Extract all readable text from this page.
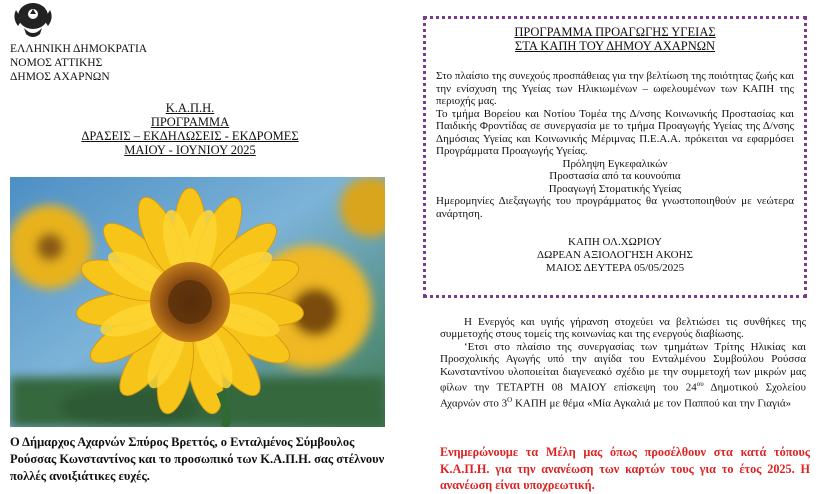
ΕΛΛΗΝΙΚΗ ΔΗΜΟΚΡΑΤΙΑ
ΝΟΜΟΣ ΑΤΤΙΚΗΣ
ΔΗΜΟΣ ΑΧΑΡΝΩΝ
Κ.Α.Π.Η.
ΠΡΟΓΡΑΜΜΑ
ΔΡΑΣΕΙΣ – ΕΚΔΗΛΩΣΕΙΣ - ΕΚΔΡΟΜΕΣ
ΜΑΙΟΥ - ΙΟΥΝΙΟΥ 2025
Ο Δήμαρχος Αχαρνών Σπύρος Βρεττός, ο Ενταλμένος Σύμβουλος Ρούσσας Κωνσταντίνος και το προσωπικό των Κ.Α.Π.Η. σας στέλνουν πολλές ανοιξιάτικες ευχές.
ΠΡΟΓΡΑΜΜΑ ΠΡΟΑΓΩΓΗΣ ΥΓΕΙΑΣ
ΣΤΑ ΚΑΠΗ ΤΟΥ ΔΗΜΟΥ ΑΧΑΡΝΩΝ
Στο πλαίσιο της συνεχούς προσπάθειας για την βελτίωση της ποιότητας ζωής και την ενίσχυση της Υγείας των Ηλικιωμένων – ωφελουμένων των ΚΑΠΗ της περιοχής μας.
Το τμήμα Βορείου και Νοτίου Τομέα της Δ/νσης Κοινωνικής Προστασίας και Παιδικής Φροντίδας σε συνεργασία με το τμήμα Προαγωγής Υγείας της Δ/νσης Δημόσιας Υγείας και Κοινωνικής Μέριμνας Π.Ε.Α.Α. πρόκειται να εφαρμόσει Προγράμματα Προαγωγής Υγείας.
Πρόληψη Εγκεφαλικών
Προστασία από τα κουνούπια
Προαγωγή Στοματικής Υγείας
Ημερομηνίες Διεξαγωγής του προγράμματος θα γνωστοποιηθούν με νεώτερα ανάρτηση.
ΚΑΠΗ ΟΛ.ΧΩΡΙΟΥ
ΔΩΡΕΑΝ ΑΞΙΟΛΟΓΗΣΗ ΑΚΟΗΣ
ΜΑΙΟΣ ΔΕΥΤΕΡΑ 05/05/2025

Η Ενεργός και υγιής γήρανση στοχεύει να βελτιώσει τις συνθήκες της συμμετοχής στους τομείς της κοινωνίας και της ενεργούς διαβίωσης.

‘Ετσι στο πλαίσιο της συνεργασίας των τμημάτων Τρίτης Ηλικίας και Προσχολικής Αγωγής υπό την αιγίδα του Ενταλμένου Συμβούλου Ρούσσα Κωνσταντίνου υλοποιείται διαγενεακό σχέδιο με την συμμετοχή των μικρών μας φίλων την ΤΕΤΑΡΤΗ 08 ΜΑΙΟΥ επίσκεψη του $24^{o\upsilon}$ Δημοτικού Σχολείου Αχαρνών στο $3^O$ ΚΑΠΗ με θέμα «Μία Αγκαλιά με τον Παππού και την Γιαγιά»

Ενημερώνουμε τα Μέλη μας όπως προσέλθουν στα κατά τόπους Κ.Α.Π.Η. για την ανανέωση των καρτών τους για το έτος 2025. Η ανανέωση είναι υποχρεωτική.
